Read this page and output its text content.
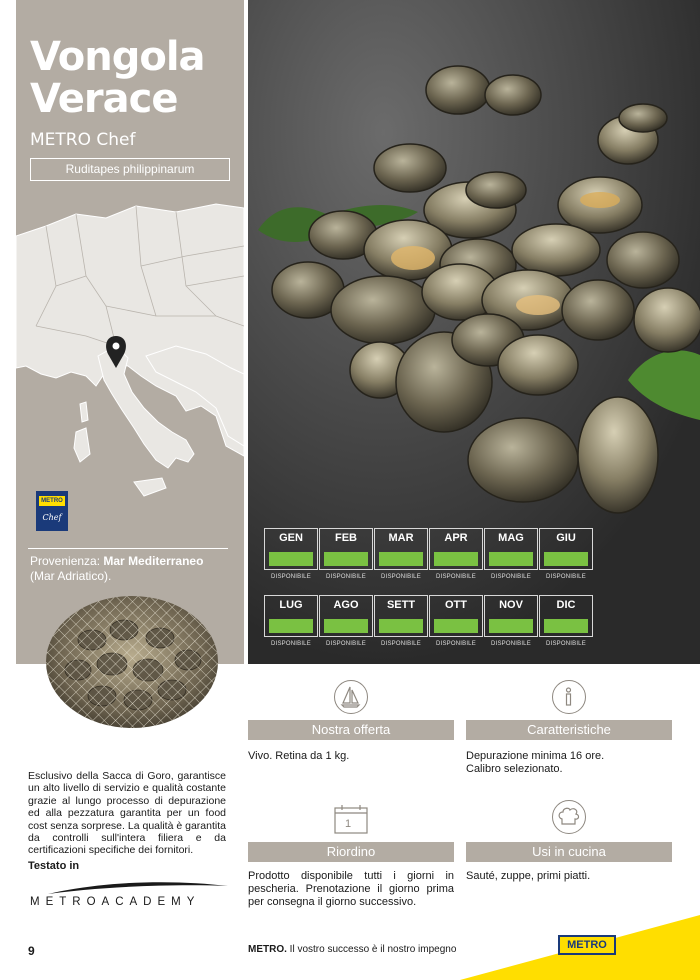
Vongola
Verace
METRO Chef
Ruditapes philippinarum
METRO
Chef
Provenienza: Mar Mediterraneo
(Mar Adriatico).
GEN	FEB	MAR	APR	MAG	GIU
DISPONIBILE	DISPONIBILE	DISPONIBILE	DISPONIBILE	DISPONIBILE	DISPONIBILE
LUG	AGO	SETT	OTT	NOV	DIC
DISPONIBILE	DISPONIBILE	DISPONIBILE	DISPONIBILE	DISPONIBILE	DISPONIBILE
1
Nostra offerta	Caratteristiche
Riordino	Usi in cucina
Vivo. Retina da 1 kg.	Depurazione minima 16 ore.
Calibro selezionato.
Prodotto disponibile tutti i giorni in pescheria. Prenotazione il giorno prima per consegna il giorno successivo.
Sauté, zuppe, primi piatti.
Esclusivo della Sacca di Goro, garantisce un alto livello di servizio e qualità costante grazie al lungo processo di depurazione ed alla pezzatura garantita per un food cost senza sorprese. La qualità è garantita da controlli sull'intera filiera e da certificazioni specifiche dei fornitori.
Testato in
METROACADEMY
9	METRO. Il vostro successo è il nostro impegno	METRO
